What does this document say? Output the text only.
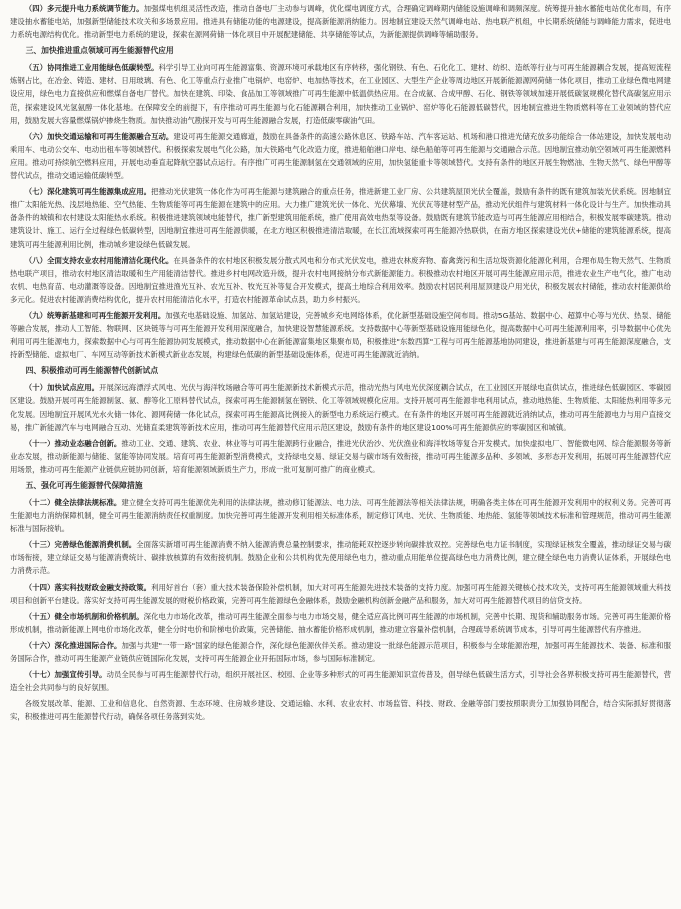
（四）多元提升电力系统调节能力。加强煤电机组灵活性改造，推动自备电厂主动参与调峰，优化煤电调度方式，合理确定调峰期内储能设施调峰和调频深度。统筹提升抽水蓄能电站优化布局，有序建设抽水蓄能电站，加强新型储能技术攻关和多场景应用。推进具有储能功能的电源建设，提高新能源消纳能力。因地制宜建设天然气调峰电站、热电联产机组，中长期系统储能与调峰能力需求，促进电力系统电源结构优化。推动新型电力系统的建设，探索在源网荷储一体化项目中开展配建储能、共享储能等试点，为新能源提供调峰等辅助服务。

三、加快推进重点领域可再生能源替代应用

（五）协同推进工业用能绿色低碳转型。科学引导工业向可再生能源富集、资源环境可承载地区有序转移，强化钢铁、有色、石化化工、建材、纺织、造纸等行业与可再生能源耦合发展，提高短流程炼钢占比，在冶金、铸造、建材、日用玻璃、有色、化工等重点行业推广电锅炉、电窑炉、电加热等技术，在工业园区、大型生产企业等周边地区开展新能源源网荷储一体化项目，推动工业绿色微电网建设应用，绿色电力直接供应和燃煤自备电厂替代。加快在建筑、印染、食品加工等领域推广可再生能源中低温供热应用。在合成氨、合成甲醇、石化、钢铁等领域加速开展低碳氢规模化替代高碳氢应用示范，探索建设风光氢氨醇一体化基地。在保障安全的前提下，有序推动可再生能源与化石能源耦合利用，加快推动工业锅炉、窑炉等化石能源低碳替代，因地制宜推进生物质燃料等在工业领域的替代应用，鼓励发展大容量燃煤锅炉掺烧生物质。加快推动油气勘探开发与可再生能源融合发展，打造低碳零碳油气田。

（六）加快交通运输和可再生能源融合互动。建设可再生能源交通廊道，鼓励在具备条件的高速公路休息区、铁路车站、汽车客运站、机场和港口推进光储充放多功能综合一体站建设，加快发展电动乘用车、电动公交车、电动出租车等领域替代。积极探索发展电气化公路，加大铁路电气化改造力度，推进船舶港口岸电、绿色船舶等可再生能源与交通融合示范。因地制宜推动航空领域可再生能源燃料应用。推动可持续航空燃料应用，开展电动垂直起降航空器试点运行。有序推广可再生能源制氢在交通领域的应用，加快氢能重卡等领域替代。支持有条件的地区开展生物燃油、生物天然气、绿色甲醇等替代试点，推动交通运输低碳转型。

（七）深化建筑可再生能源集成应用。把推动光伏建筑一体化作为可再生能源与建筑融合的重点任务，推进新建工业厂房、公共建筑屋顶光伏全覆盖，鼓励有条件的既有建筑加装光伏系统。因地制宜推广太阳能光热、浅层地热能、空气热能、生物质能等可再生能源在建筑中的应用。大力推广建筑光伏一体化、光伏幕墙、光伏瓦等建材型产品，推动光伏组件与建筑材料一体化设计与生产。加快推动具备条件的城镇和农村建设太阳能热水系统。积极推进建筑领域电能替代，推广新型建筑用能系统，推广使用高效电热泵等设备。鼓励既有建筑节能改造与可再生能源应用相结合，积极发展零碳建筑。推动建筑设计、施工、运行全过程绿色低碳转型，因地制宜推进可再生能源供暖，在北方地区积极推进清洁取暖，在长江流域探索可再生能源冷热联供，在南方地区探索建设光伏+储能的建筑能源系统，提高建筑可再生能源利用比例，推动城乡建设绿色低碳发展。

（八）全面支持农业农村用能清洁化现代化。在具备条件的农村地区积极发展分散式风电和分布式光伏发电，推进农林废弃物、畜禽粪污和生活垃圾资源化能源化利用，合理布局生物天然气、生物质热电联产项目，推动农村地区清洁取暖和生产用能清洁替代。推进乡村电网改造升级，提升农村电网接纳分布式新能源能力。积极推动农村地区开展可再生能源应用示范，推进农业生产电气化，推广电动农机、电热育苗、电动灌溉等设备。因地制宜推进渔光互补、农光互补、牧光互补等复合开发模式，提高土地综合利用效率。鼓励农村居民利用屋顶建设户用光伏，积极发展农村储能，推动农村能源供给多元化。促进农村能源消费结构优化，提升农村用能清洁化水平，打造农村能源革命试点县，助力乡村振兴。

（九）统筹新基建和可再生能源开发利用。加强充电基础设施、加氢站、加氢站建设，完善城乡充电网络体系，优化新型基础设施空间布局。推动5G基站、数据中心、超算中心等与光伏、热泵、储能等融合发展，推动人工智能、物联网、区块链等与可再生能源开发利用深度融合，加快建设智慧能源系统。支持数据中心等新型基础设施用能绿色化，提高数据中心可再生能源利用率，引导数据中心优先利用可再生能源电力，探索数据中心与可再生能源协同发展模式，推动数据中心在新能源富集地区集聚布局，积极推进"东数西算"工程与可再生能源基地协同建设，推进新基建与可再生能源深度融合，支持新型储能、虚拟电厂、车网互动等新技术新模式新业态发展，构建绿色低碳的新型基础设施体系，促进可再生能源就近消纳。

四、积极推动可再生能源替代创新试点

（十）加快试点应用。开展深远海漂浮式风电、光伏与海洋牧场融合等可再生能源新技术新模式示范，推动光热与风电光伏深度耦合试点，在工业园区开展绿电直供试点，推进绿色低碳园区、零碳园区建设。鼓励开展可再生能源制氢、氨、醇等化工原料替代试点，探索可再生能源制氢在钢铁、化工等领域规模化应用。支持开展可再生能源非电利用试点，推动地热能、生物质能、太阳能热利用等多元化发展。因地制宜开展风光水火储一体化、源网荷储一体化试点，探索可再生能源高比例接入的新型电力系统运行模式。在有条件的地区开展可再生能源就近消纳试点，推动可再生能源电力与用户直接交易，推广新能源汽车与电网融合互动、光储直柔建筑等新技术应用，推动可再生能源替代应用示范区建设，鼓励有条件的地区建设100%可再生能源供应的零碳园区和城镇。

（十一）推动业态融合创新。推动工业、交通、建筑、农业、林业等与可再生能源跨行业融合，推进光伏治沙、光伏渔业和海洋牧场等复合开发模式。加快虚拟电厂、智能微电网、综合能源服务等新业态发展，推动新能源与储能、氢能等协同发展。培育可再生能源新型消费模式，支持绿电交易、绿证交易与碳市场有效衔接，推动可再生能源多品种、多领域、多形态开发利用，拓展可再生能源替代应用场景，推动可再生能源产业链供应链协同创新，培育能源领域新质生产力，形成一批可复制可推广的商业模式。

五、强化可再生能源替代保障措施

（十二）健全法律法规标准。建立健全支持可再生能源优先利用的法律法规，推动修订能源法、电力法、可再生能源法等相关法律法规，明确各类主体在可再生能源开发利用中的权利义务。完善可再生能源电力消纳保障机制，健全可再生能源消纳责任权重制度。加快完善可再生能源开发利用相关标准体系，制定修订风电、光伏、生物质能、地热能、氢能等领域技术标准和管理规范，推动可再生能源标准与国际接轨。

（十三）完善绿色能源消费机制。全面落实新增可再生能源消费不纳入能源消费总量控制要求，推动能耗双控逐步转向碳排放双控。完善绿色电力证书制度，实现绿证核发全覆盖，推动绿证交易与碳市场衔接，建立绿证交易与能源消费统计、碳排放核算的有效衔接机制。鼓励企业和公共机构优先使用绿色电力，推动重点用能单位提高绿色电力消费比例，建立健全绿色电力消费认证体系，开展绿色电力消费示范。

（十四）落实科技财政金融支持政策。利用好首台（套）重大技术装备保险补偿机制，加大对可再生能源先进技术装备的支持力度。加强可再生能源关键核心技术攻关，支持可再生能源领域重大科技项目和创新平台建设。落实好支持可再生能源发展的财税价格政策，完善可再生能源绿色金融体系，鼓励金融机构创新金融产品和服务，加大对可再生能源替代项目的信贷支持。

（十五）健全市场机制和价格机制。深化电力市场化改革，推动可再生能源全面参与电力市场交易，健全适应高比例可再生能源的市场机制，完善中长期、现货和辅助服务市场。完善可再生能源价格形成机制，推动新能源上网电价市场化改革，健全分时电价和阶梯电价政策，完善储能、抽水蓄能价格形成机制，推动建立容量补偿机制，合理疏导系统调节成本，引导可再生能源替代有序推进。

（十六）深化推进国际合作。加强与共建"一带一路"国家的绿色能源合作，深化绿色能源伙伴关系。推动建设一批绿色能源示范项目，积极参与全球能源治理，加强可再生能源技术、装备、标准和服务国际合作，推动可再生能源产业链供应链国际化发展，支持可再生能源企业开拓国际市场，参与国际标准制定。

（十七）加强宣传引导。动员全民参与可再生能源替代行动，组织开展社区、校园、企业等多种形式的可再生能源知识宣传普及，倡导绿色低碳生活方式，引导社会各界积极支持可再生能源替代，营造全社会共同参与的良好氛围。

各级发展改革、能源、工业和信息化、自然资源、生态环境、住房城乡建设、交通运输、水利、农业农村、市场监管、科技、财政、金融等部门要按照职责分工加强协同配合，结合实际抓好贯彻落实，积极推进可再生能源替代行动，确保各项任务落到实处。
